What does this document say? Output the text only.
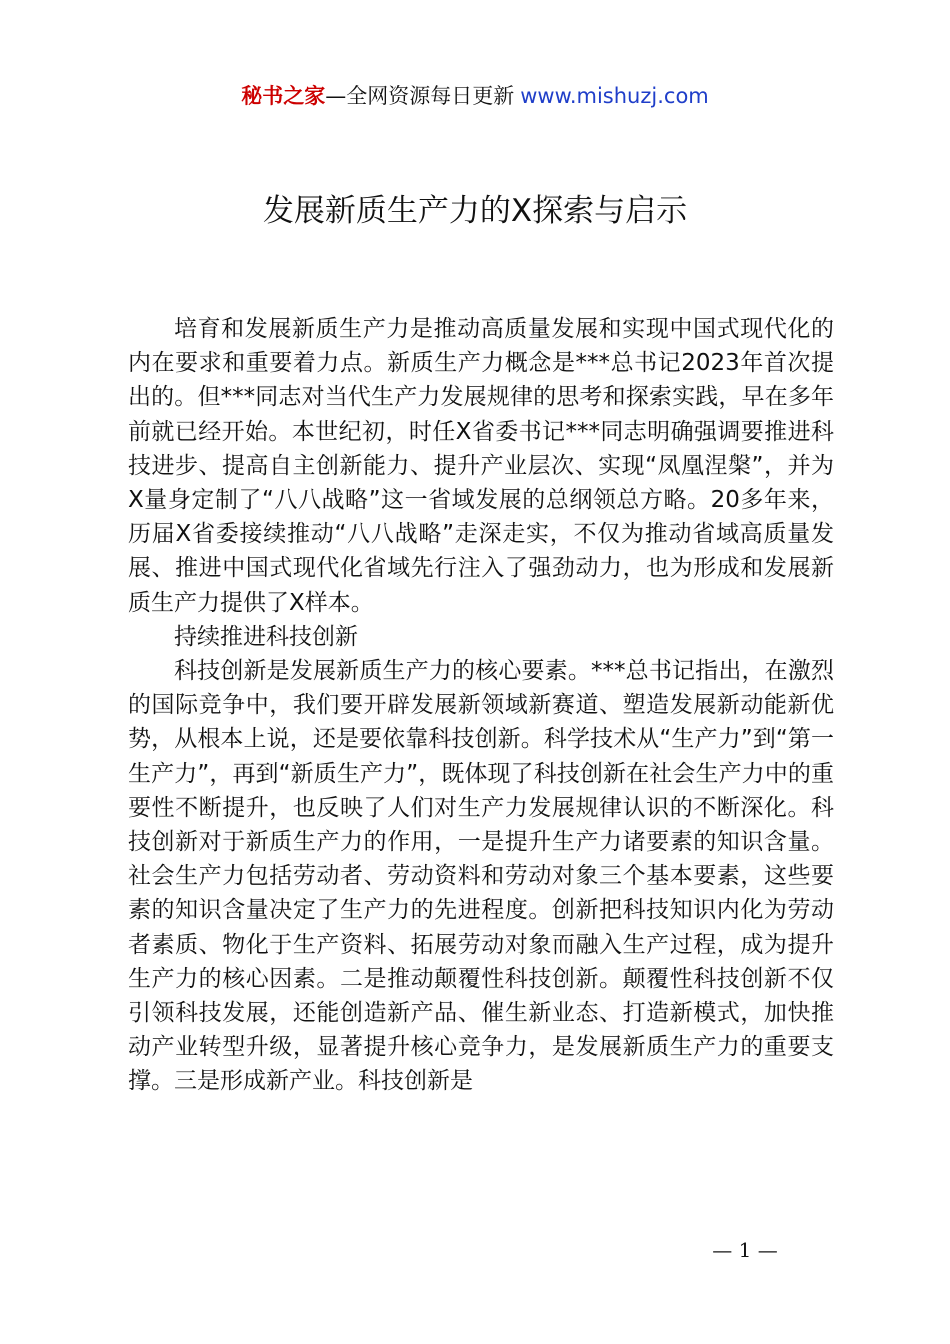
秘书之家—全网资源每日更新 www.mishuzj.com
发展新质生产力的X探索与启示

培育和发展新质生产力是推动高质量发展和实现中国式现代化的内在要求和重要着力点。新质生产力概念是***总书记2023年首次提出的。但***同志对当代生产力发展规律的思考和探索实践，早在多年前就已经开始。本世纪初，时任X省委书记***同志明确强调要推进科技进步、提高自主创新能力、提升产业层次、实现“凤凰涅槃”，并为X量身定制了“八八战略”这一省域发展的总纲领总方略。20多年来，历届X省委接续推动“八八战略”走深走实，不仅为推动省域高质量发展、推进中国式现代化省域先行注入了强劲动力，也为形成和发展新质生产力提供了X样本。

持续推进科技创新

科技创新是发展新质生产力的核心要素。***总书记指出，在激烈的国际竞争中，我们要开辟发展新领域新赛道、塑造发展新动能新优势，从根本上说，还是要依靠科技创新。科学技术从“生产力”到“第一生产力”，再到“新质生产力”，既体现了科技创新在社会生产力中的重要性不断提升，也反映了人们对生产力发展规律认识的不断深化。科技创新对于新质生产力的作用，一是提升生产力诸要素的知识含量。社会生产力包括劳动者、劳动资料和劳动对象三个基本要素，这些要素的知识含量决定了生产力的先进程度。创新把科技知识内化为劳动者素质、物化于生产资料、拓展劳动对象而融入生产过程，成为提升生产力的核心因素。二是推动颠覆性科技创新。颠覆性科技创新不仅引领科技发展，还能创造新产品、催生新业态、打造新模式，加快推动产业转型升级，显著提升核心竞争力，是发展新质生产力的重要支撑。三是形成新产业。科技创新是

— 1 —
